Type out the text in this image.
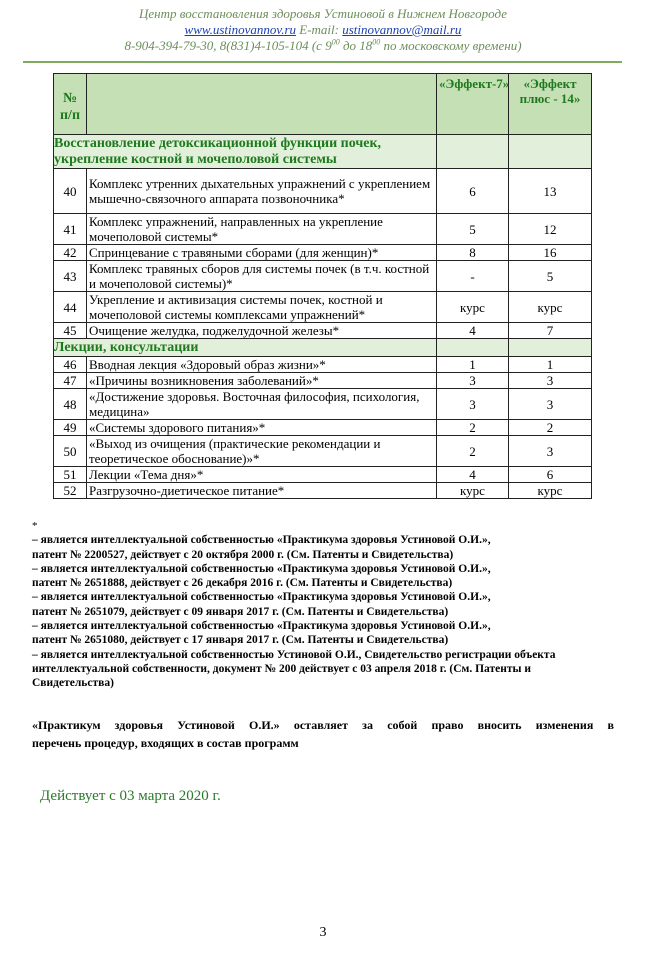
Центр восстановления здоровья Устиновой в Нижнем Новгороде
www.ustinovannov.ru E-mail: ustinovannov@mail.ru
8-904-394-79-30, 8(831)4-105-104 (с $9^{00}$ до $18^{00}$ по московскому времени)
№ п/п		«Эффект-7»	«Эффект плюс - 14»
Восстановление детоксикационной функции почек, укрепление костной и мочеполовой системы			
40	Комплекс утренних дыхательных упражнений с укреплением мышечно-связочного аппарата позвоночника*	6	13
41	Комплекс упражнений, направленных на укрепление мочеполовой системы*	5	12
42	Спринцевание с травяными сборами (для женщин)*	8	16
43	Комплекс травяных сборов для системы почек (в т.ч. костной и мочеполовой системы)*	-	5
44	Укрепление и активизация системы почек, костной и мочеполовой системы комплексами упражнений*	курс	курс
45	Очищение желудка, поджелудочной железы*	4	7
Лекции, консультации			
46	Вводная лекция «Здоровый образ жизни»*	1	1
47	«Причины возникновения заболеваний»*	3	3
48	«Достижение здоровья. Восточная философия, психология, медицина»	3	3
49	«Системы здорового питания»*	2	2
50	«Выход из очищения (практические рекомендации и теоретическое обоснование)»*	2	3
51	Лекции «Тема дня»*	4	6
52	Разгрузочно-диетическое питание*	курс	курс
*
– является интеллектуальной собственностью «Практикума здоровья Устиновой О.И.»,
патент № 2200527, действует с 20 октября 2000 г. (См. Патенты и Свидетельства)
– является интеллектуальной собственностью «Практикума здоровья Устиновой О.И.»,
патент № 2651888, действует с 26 декабря 2016 г. (См. Патенты и Свидетельства)
– является интеллектуальной собственностью «Практикума здоровья Устиновой О.И.»,
патент № 2651079, действует с 09 января 2017 г. (См. Патенты и Свидетельства)
– является интеллектуальной собственностью «Практикума здоровья Устиновой О.И.»,
патент № 2651080, действует с 17 января 2017 г. (См. Патенты и Свидетельства)
– является интеллектуальной собственностью Устиновой О.И., Свидетельство регистрации объекта
интеллектуальной собственности, документ № 200 действует с 03 апреля 2018 г. (См. Патенты и
Свидетельства)
«Практикум здоровья Устиновой О.И.» оставляет за собой право вносить изменения в
перечень процедур, входящих в состав программ
Действует с 03 марта 2020 г.
3
